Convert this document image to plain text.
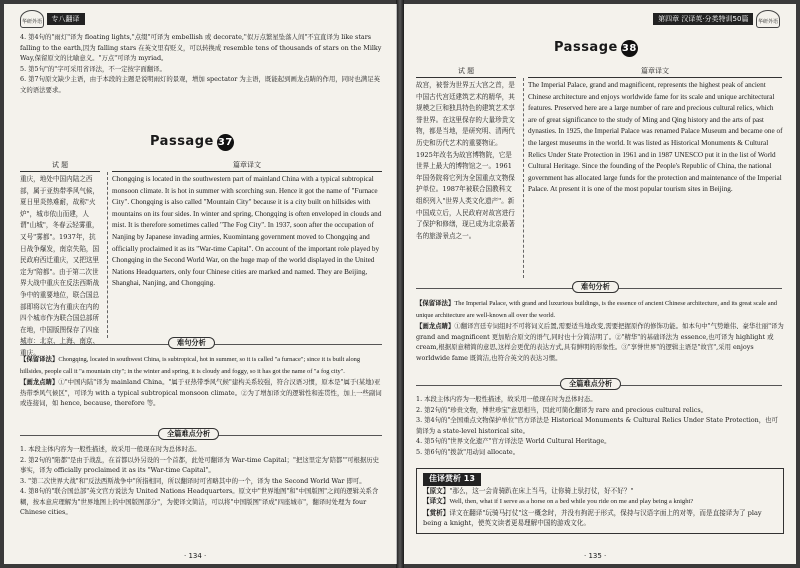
华研外语 专八翻译
4. 第4句的"雨灯"译为 floating lights,"点缀"可译为 embellish 或 decorate,"似万点繁星坠落人间"不宜直译为 like stars falling to the earth,因为 falling stars 在英文里有贬义，可以转换成 resemble tens of thousands of stars on the Milky Way,保留原文的比喻意义。"万点"可译为 myriad。
5. 第5句"的"字可采用省译法，不一定按字面翻译。
6. 第7句原文缺少主语，由于本段的主题是说明雨灯的景观，增加 spectator 为主语，既能起到画龙点睛的作用，同时也满足英文的语法要求。
Passage 37
试 题	篇章译文
重庆，地处中国内陆之西部，属于亚热带季风气候，夏日里炎热难耐，故称"火炉"，城市依山而建，人谓"山城"，冬春云轻雾重，又号"雾都"。1937年，抗日战争爆发，南京失陷，国民政府西迁重庆，又把这里定为"陪都"。由于第二次世界大战中重庆在反法西斯战争中的重要地位，联合国总部即将以它为有重庆在内的四个城市作为联合国总部所在地，中国版图保存了四座城市：北京、上海、南京、重庆。
Chongqing is located in the southwestern part of mainland China with a typical subtropical monsoon climate. It is hot in summer with scorching sun. Hence it got the name of "Furnace City". Chongqing is also called "Mountain City" because it is a city built on hillsides with mountains on its four sides. In winter and spring, Chongqing is often enveloped in clouds and mist. It is therefore sometimes called "The Fog City". In 1937, soon after the occupation of Nanjing by Japanese invading armies, Kuomintang government moved to Chongqing and officially proclaimed it as its "War-time Capital". On account of the important role played by Chongqing in the Second World War, on the huge map of the world displayed in the United Nations Headquarters, only four Chinese cities are marked and named. They are Beijing, Shanghai, Nanjing, and Chongqing.
难句分析
【保留译法】Chongqing, located in southwest China, is subtropical, hot in summer, so it is called "a furnace"; since it is built along hillsides, people call it "a mountain city"; in the winter and spring, it is cloudy and foggy, so it has got the name of "a fog city".
【画龙点睛】①"中国内陆"译为 mainland China。"属于亚热带季风气候"建构关系较强，符合汉语习惯，原本是"属于(某地)亚热带季风气候区"，可译为 with a typical subtropical monsoon climate。②为了增加译文的逻辑性和连贯性，加上一些副词或连接词，如 hence, because, therefore 等。
全篇难点分析
1. 本段主体内容为一般性描述，故采用一般现在时为总体时态。
2. 第2句的"陷都"是由于战乱，在首都以外另设的一个首都，此处可翻译为 War-time Capital；"把这里定为'陪都'"可根据历史事实，译为 officially proclaimed it as its "War-time Capital"。
3. "第二次世界大战"和"反法西斯战争中"所指相同，所以翻译时可省略其中的一个，译为 the Second World War 即可。
4. 第8句的"联合国总部"英文官方说法为 United Nations Headquarters。原文中"世界地图"和"中国版图"之间的逻辑关系含糊，按本意应理解为"世界地图上的中国版图部分"，为使译文简洁，可以将"中国版图"译成"四座城市"，翻译时处理为 four Chinese cities。
· 134 ·
第四章 汉译英·分类特训50篇 华研外语
Passage 38
试 题	篇章译文
故宫，被誉为世界五大宫之首，是中国古代宫廷建筑艺术的精华，其规模之巨和独具特色的建筑艺术享誉世界。在这里保存的大量珍贵文物，都是当地，是研究明、清两代历史和历代艺术的重要物证。1925年改名为故宫博物院，它是世界上最大的博物馆之一。1961年国务院将它列为全国重点文物保护单位。1987年被联合国教科文组织列入"世界人类文化遗产"。新中国成立后，人民政府对故宫进行了保护和修缮，现已成为北京最著名的旅游景点之一。
The Imperial Palace, grand and magnificent, represents the highest peak of ancient Chinese architecture and enjoys worldwide fame for its scale and unique architectural features. Preserved here are a large number of rare and precious cultural relics, which are of great significance to the study of Ming and Qing history and the arts of past dynasties. In 1925, the Imperial Palace was renamed Palace Museum and became one of the largest museums in the world. It was listed as Historical Monuments & Cultural Relics Under State Protection in 1961 and in 1987 UNESCO put it in the list of World Cultural Heritage. Since the founding of the People's Republic of China, the national government has allocated large funds for the protection and maintenance of the Imperial Palace. At present it is one of the most popular tourism sites in Beijing.
难句分析
【保留译法】The Imperial Palace, with grand and luxurious buildings, is the essence of ancient Chinese architecture, and its great scale and unique architecture are well-known all over the world.
【画龙点睛】①翻译宫廷专词组时不可将词义后置,需要适当地改变,需要把握原作的修饰功能。如本句中"气势雄伟、豪华壮丽"译为 grand and magnificent 更加贴合原文的语气,同时也十分简洁明了。②"精华"的基础译法为 essence,也可译为 highlight 或 cream,根据原意精简的意思,这样会更优的表达方式,具有鲜明的形象性。③"享誉世界"的逻辑主语是"故宫",采用 enjoys worldwide fame 既简洁,也符合英文的表达习惯。
全篇难点分析
1. 本段主体内容为一般性描述，故采用一般现在时为总体时态。
2. 第2句的"珍贵文物，博世珍宝"意思相当，因此可简化翻译为 rare and precious cultural relics。
3. 第4句的"全国重点文物保护单位"官方译法是 Historical Monuments & Cultural Relics Under State Protection，也可简译为 a state-level historical site。
4. 第5句的"世界文化遗产"官方译法是 World Cultural Heritage。
5. 第6句的"拨款"用动词 allocate。
佳译赏析 13
【原文】"那么，这一会肯骑趴在床上当马，让你骑上驮打仗，好不好？"
【译文】Well, then, what if I serve as a horse on a bed while you ride on me and play being a knight?
【赏析】译文在翻译"玩骑马打仗"这一概念时，并没有拘泥于形式，保持与汉语字面上的对等，而是直接译为了 play being a knight，使英文读者更易理解中国的游戏文化。
· 135 ·
